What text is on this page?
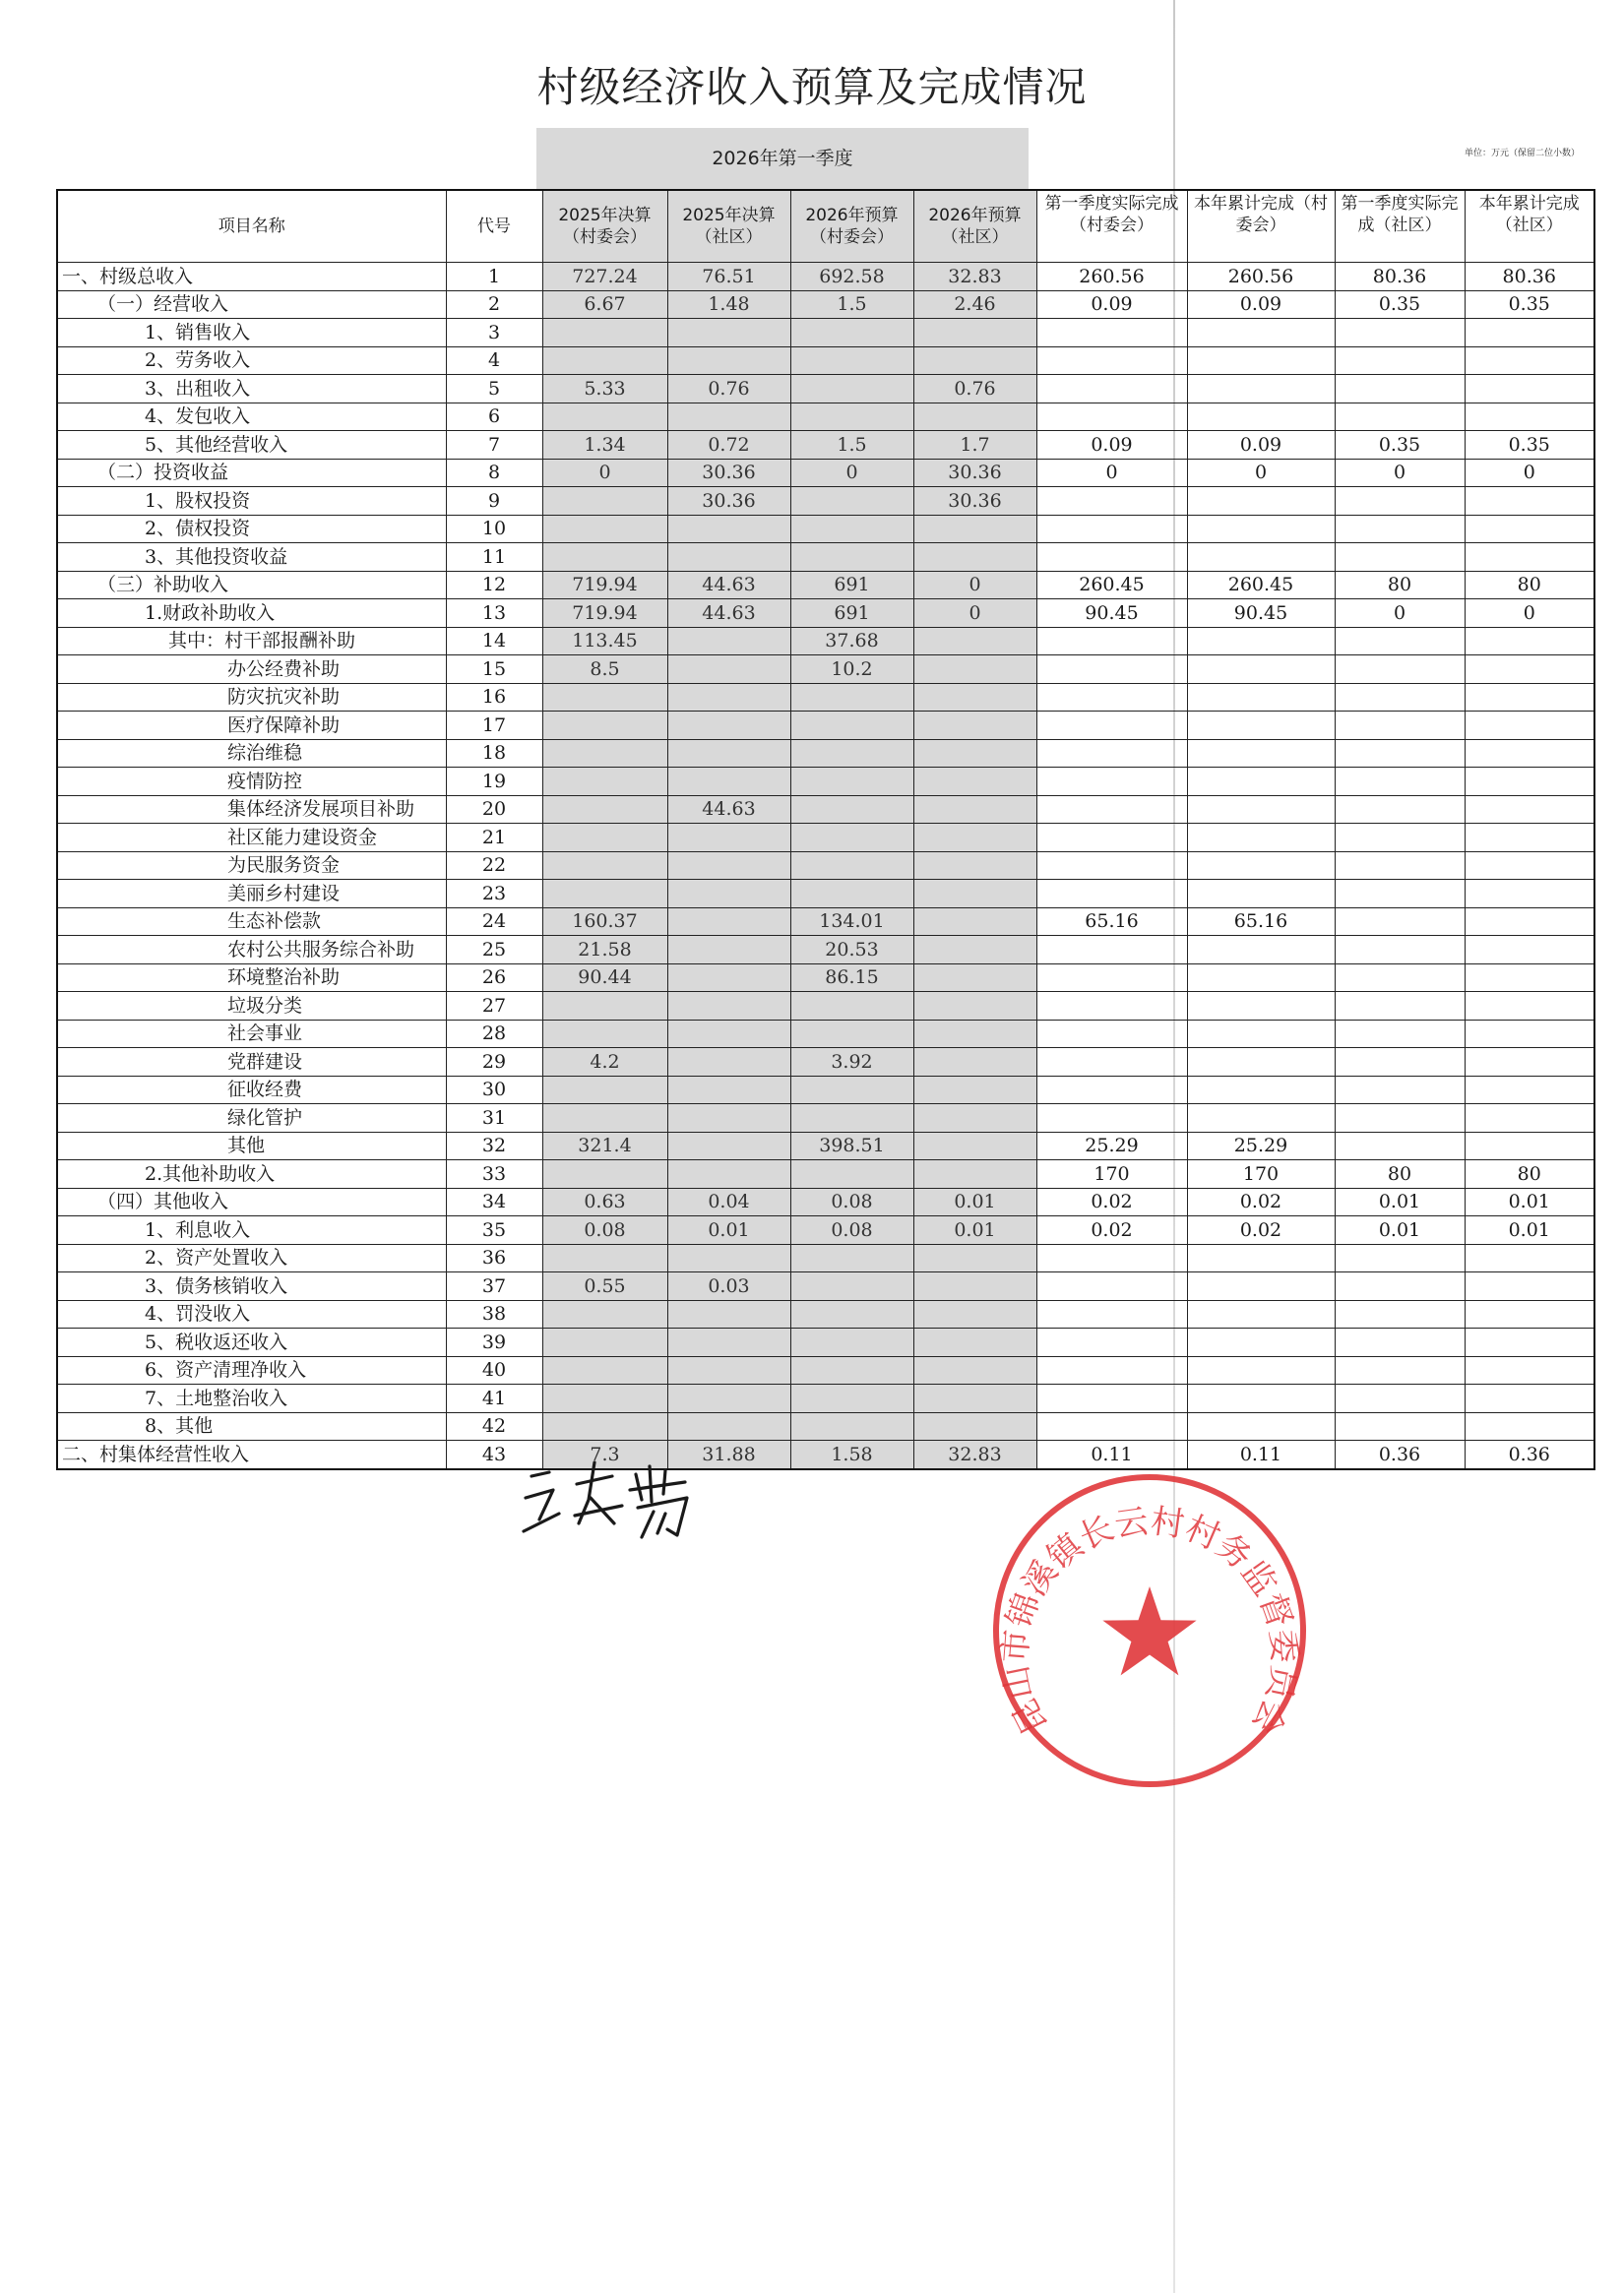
村级经济收入预算及完成情况
2026年第一季度	单位：万元（保留二位小数）
项目名称	代号	2025年决算（村委会）	2025年决算（社区）	2026年预算（村委会）	2026年预算（社区）	第一季度实际完成（村委会）	本年累计完成（村委会）	第一季度实际完成（社区）	本年累计完成（社区）
一、村级总收入	1	727.24	76.51	692.58	32.83	260.56	260.56	80.36	80.36
（一）经营收入	2	6.67	1.48	1.5	2.46	0.09	0.09	0.35	0.35
1、销售收入	3								
2、劳务收入	4								
3、出租收入	5	5.33	0.76		0.76				
4、发包收入	6								
5、其他经营收入	7	1.34	0.72	1.5	1.7	0.09	0.09	0.35	0.35
（二）投资收益	8	0	30.36	0	30.36	0	0	0	0
1、股权投资	9		30.36		30.36				
2、债权投资	10								
3、其他投资收益	11								
（三）补助收入	12	719.94	44.63	691	0	260.45	260.45	80	80
1.财政补助收入	13	719.94	44.63	691	0	90.45	90.45	0	0
其中：村干部报酬补助	14	113.45		37.68					
办公经费补助	15	8.5		10.2					
防灾抗灾补助	16								
医疗保障补助	17								
综治维稳	18								
疫情防控	19								
集体经济发展项目补助	20		44.63						
社区能力建设资金	21								
为民服务资金	22								
美丽乡村建设	23								
生态补偿款	24	160.37		134.01		65.16	65.16		
农村公共服务综合补助	25	21.58		20.53					
环境整治补助	26	90.44		86.15					
垃圾分类	27								
社会事业	28								
党群建设	29	4.2		3.92					
征收经费	30								
绿化管护	31								
其他	32	321.4		398.51		25.29	25.29		
2.其他补助收入	33					170	170	80	80
（四）其他收入	34	0.63	0.04	0.08	0.01	0.02	0.02	0.01	0.01
1、利息收入	35	0.08	0.01	0.08	0.01	0.02	0.02	0.01	0.01
2、资产处置收入	36								
3、债务核销收入	37	0.55	0.03						
4、罚没收入	38								
5、税收返还收入	39								
6、资产清理净收入	40								
7、土地整治收入	41								
8、其他	42								
二、村集体经营性收入	43	7.3	31.88	1.58	32.83	0.11	0.11	0.36	0.36
昆山市锦溪镇长云村村务监督委员会
